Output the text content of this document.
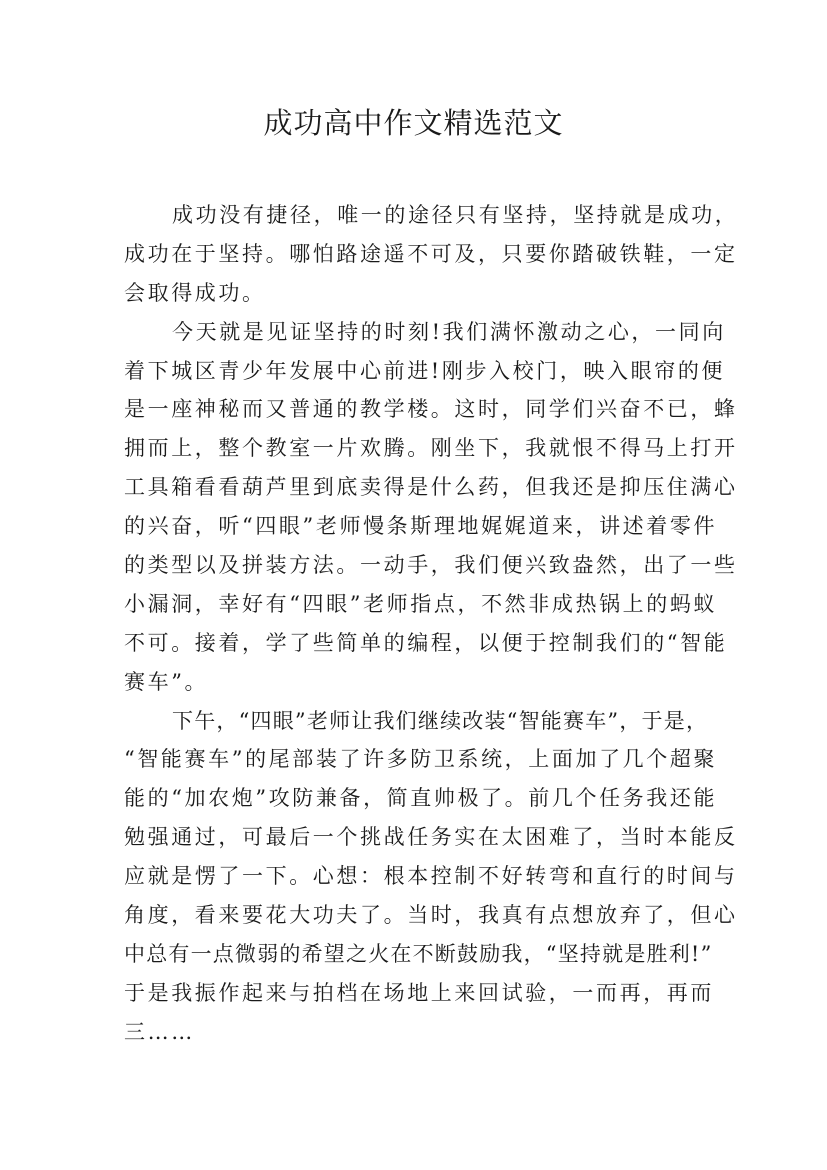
成功高中作文精选范文
成功没有捷径，唯一的途径只有坚持，坚持就是成功，
成功在于坚持。哪怕路途遥不可及，只要你踏破铁鞋，一定
会取得成功。
今天就是见证坚持的时刻!我们满怀激动之心，一同向
着下城区青少年发展中心前进!刚步入校门，映入眼帘的便
是一座神秘而又普通的教学楼。这时，同学们兴奋不已，蜂
拥而上，整个教室一片欢腾。刚坐下，我就恨不得马上打开
工具箱看看葫芦里到底卖得是什么药，但我还是抑压住满心
的兴奋，听“四眼”老师慢条斯理地娓娓道来，讲述着零件
的类型以及拼装方法。一动手，我们便兴致盎然，出了一些
小漏洞，幸好有“四眼”老师指点，不然非成热锅上的蚂蚁
不可。接着，学了些简单的编程，以便于控制我们的“智能
赛车”。
下午，“四眼”老师让我们继续改装“智能赛车”，于是，
“智能赛车”的尾部装了许多防卫系统，上面加了几个超聚
能的“加农炮”攻防兼备，简直帅极了。前几个任务我还能
勉强通过，可最后一个挑战任务实在太困难了，当时本能反
应就是愣了一下。心想：根本控制不好转弯和直行的时间与
角度，看来要花大功夫了。当时，我真有点想放弃了，但心
中总有一点微弱的希望之火在不断鼓励我，“坚持就是胜利!”
于是我振作起来与拍档在场地上来回试验，一而再，再而
三……
